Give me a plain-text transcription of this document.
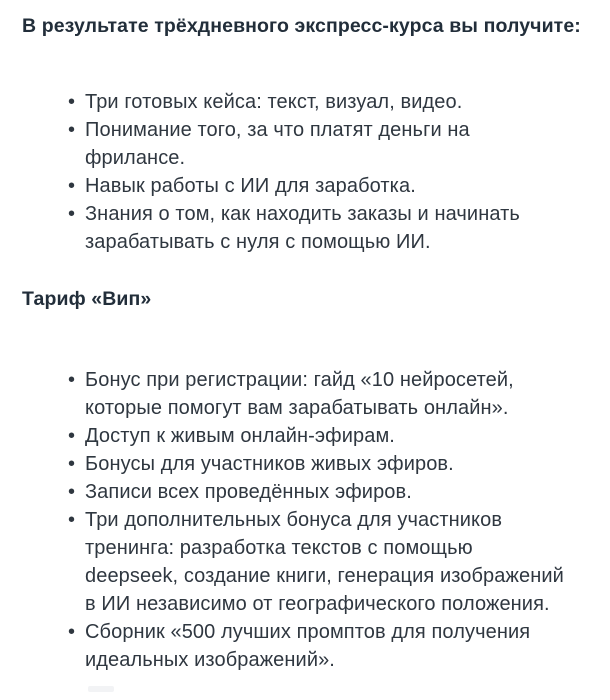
В результате трёхдневного экспресс-курса вы получите:
• Три готовых кейса: текст, визуал, видео.
• Понимание того, за что платят деньги на фрилансе.
• Навык работы с ИИ для заработка.
• Знания о том, как находить заказы и начинать зарабатывать с нуля с помощью ИИ.
Тариф «Вип»
• Бонус при регистрации: гайд «10 нейросетей, которые помогут вам зарабатывать онлайн».
• Доступ к живым онлайн-эфирам.
• Бонусы для участников живых эфиров.
• Записи всех проведённых эфиров.
• Три дополнительных бонуса для участников тренинга: разработка текстов с помощью deepseek, создание книги, генерация изображений в ИИ независимо от географического положения.
• Сборник «500 лучших промптов для получения идеальных изображений».
